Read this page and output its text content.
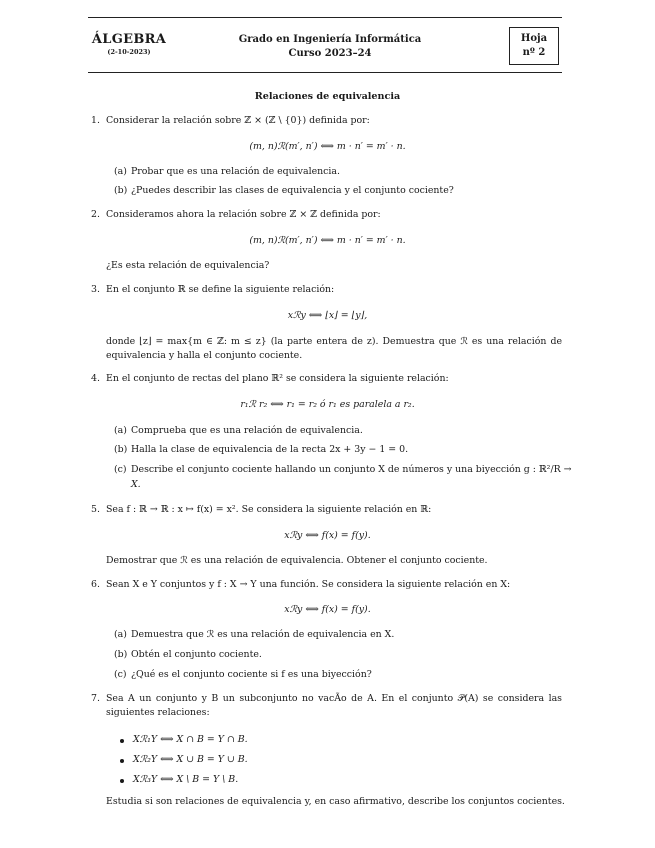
ÁLGEBRA
(2-10-2023)
Grado en Ingeniería Informática
Curso 2023–24
Hoja
nº 2
Relaciones de equivalencia
1. Considerar la relación sobre ℤ × (ℤ \ {0}) definida por:
(m, n)ℛ(m′, n′) ⟺ m · n′ = m′ · n.
(a) Probar que es una relación de equivalencia.
(b) ¿Puedes describir las clases de equivalencia y el conjunto cociente?
2. Consideramos ahora la relación sobre ℤ × ℤ definida por:
(m, n)ℛ(m′, n′) ⟺ m · n′ = m′ · n.
¿Es esta relación de equivalencia?
3. En el conjunto ℝ se define la siguiente relación:
xℛy ⟺ ⌊x⌋ = ⌊y⌋,
donde ⌊z⌋ = max{m ∈ ℤ: m ≤ z} (la parte entera de z). Demuestra que ℛ es una relación de equivalencia y halla el conjunto cociente.
4. En el conjunto de rectas del plano ℝ² se considera la siguiente relación:
r₁ℛ r₂ ⟺ r₁ = r₂ ó r₁ es paralela a r₂.
(a) Comprueba que es una relación de equivalencia.
(b) Halla la clase de equivalencia de la recta 2x + 3y − 1 = 0.
(c) Describe el conjunto cociente hallando un conjunto X de números y una biyección g : ℝ²/R →
X.
5. Sea f : ℝ → ℝ : x ↦ f(x) = x². Se considera la siguiente relación en ℝ:
xℛy ⟺ f(x) = f(y).
Demostrar que ℛ es una relación de equivalencia. Obtener el conjunto cociente.
6. Sean X e Y conjuntos y f : X → Y una función. Se considera la siguiente relación en X:
xℛy ⟺ f(x) = f(y).
(a) Demuestra que ℛ es una relación de equivalencia en X.
(b) Obtén el conjunto cociente.
(c) ¿Qué es el conjunto cociente si f es una biyección?
7. Sea A un conjunto y B un subconjunto no vacÃo de A. En el conjunto 𝒫(A) se considera las siguientes relaciones:
Xℛ₁Y ⟺ X ∩ B = Y ∩ B.
Xℛ₂Y ⟺ X ∪ B = Y ∪ B.
Xℛ₃Y ⟺ X \ B = Y \ B.
Estudia si son relaciones de equivalencia y, en caso afirmativo, describe los conjuntos cocientes.
